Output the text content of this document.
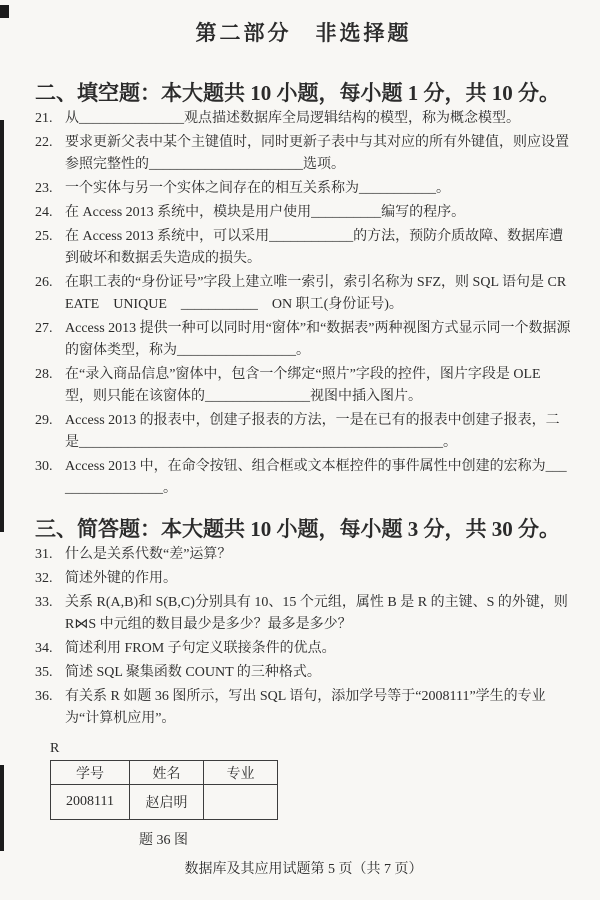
第二部分　非选择题
二、填空题：本大题共 10 小题，每小题 1 分，共 10 分。
21. 从_______________观点描述数据库全局逻辑结构的模型，称为概念模型。
22. 要求更新父表中某个主键值时，同时更新子表中与其对应的所有外键值，则应设置参照完整性的______________________选项。
23. 一个实体与另一个实体之间存在的相互关系称为___________。
24. 在 Access 2013 系统中，模块是用户使用__________编写的程序。
25. 在 Access 2013 系统中，可以采用____________的方法，预防介质故障、数据库遭到破坏和数据丢失造成的损失。
26. 在职工表的“身份证号”字段上建立唯一索引，索引名称为 SFZ，则 SQL 语句是 CREATE　UNIQUE　___________　ON 职工(身份证号)。
27. Access 2013 提供一种可以同时用“窗体”和“数据表”两种视图方式显示同一个数据源的窗体类型，称为_________________。
28. 在“录入商品信息”窗体中，包含一个绑定“照片”字段的控件，图片字段是 OLE 型，则只能在该窗体的_______________视图中插入图片。
29. Access 2013 的报表中，创建子报表的方法，一是在已有的报表中创建子报表，二是____________________________________________________。
30. Access 2013 中，在命令按钮、组合框或文本框控件的事件属性中创建的宏称为_________________。
三、简答题：本大题共 10 小题，每小题 3 分，共 30 分。
31. 什么是关系代数“差”运算？
32. 简述外键的作用。
33. 关系 R(A,B)和 S(B,C)分别具有 10、15 个元组，属性 B 是 R 的主键、S 的外键，则 R⋈S 中元组的数目最少是多少？最多是多少？
34. 简述利用 FROM 子句定义联接条件的优点。
35. 简述 SQL 聚集函数 COUNT 的三种格式。
36. 有关系 R 如题 36 图所示，写出 SQL 语句，添加学号等于“2008111”学生的专业为“计算机应用”。
R
学号	姓名	专业
2008111	赵启明	
题 36 图
数据库及其应用试题第 5 页（共 7 页）
